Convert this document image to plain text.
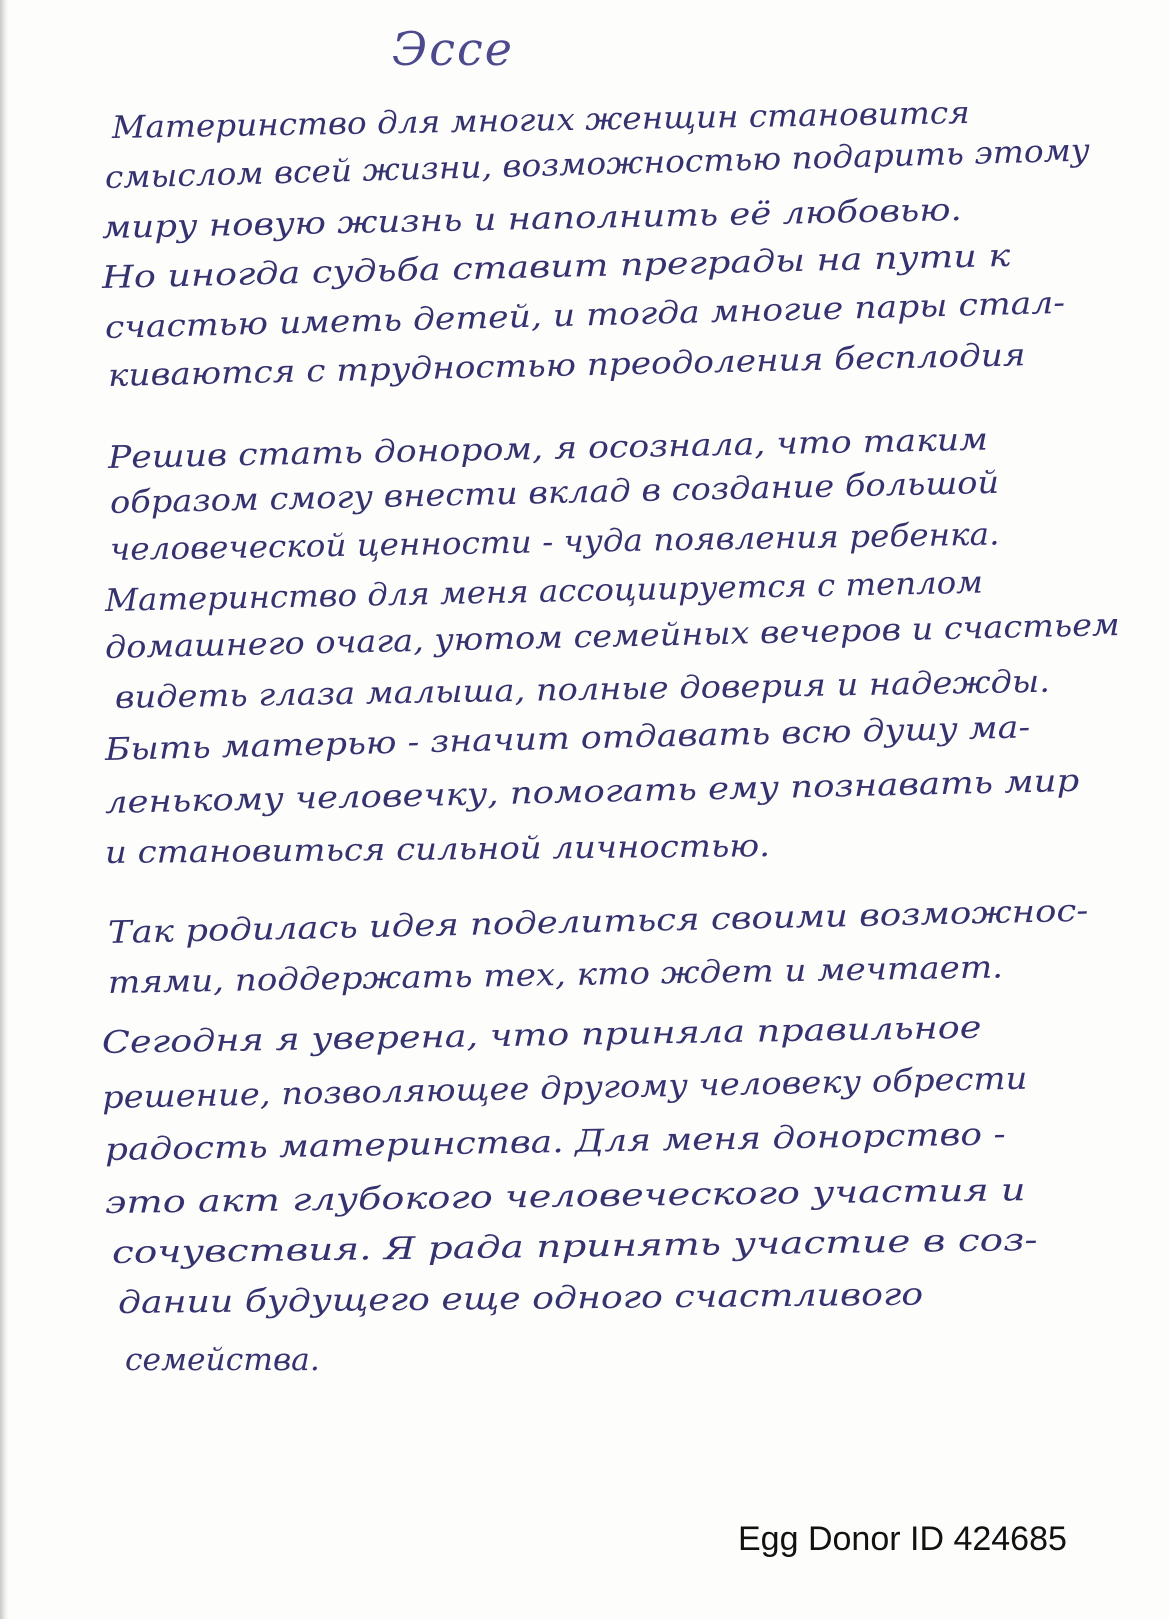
Эссе
Материнство для многих женщин становится
смыслом всей жизни, возможностью подарить этому
миру новую жизнь и наполнить её любовью.
Но иногда судьба ставит преграды на пути к
счастью иметь детей, и тогда многие пары стал-
киваются с трудностью преодоления бесплодия
Решив стать донором, я осознала, что таким
образом смогу внести вклад в создание большой
человеческой ценности - чуда появления ребенка.
Материнство для меня ассоциируется с теплом
домашнего очага, уютом семейных вечеров и счастьем
видеть глаза малыша, полные доверия и надежды.
Быть матерью - значит отдавать всю душу ма-
ленькому человечку, помогать ему познавать мир
и становиться сильной личностью.
Так родилась идея поделиться своими возможнос-
тями, поддержать тех, кто ждет и мечтает.
Сегодня я уверена, что приняла правильное
решение, позволяющее другому человеку обрести
радость материнства. Для меня донорство -
это акт глубокого человеческого участия и
сочувствия. Я рада принять участие в соз-
дании будущего еще одного счастливого
семейства.
Egg Donor ID 424685
